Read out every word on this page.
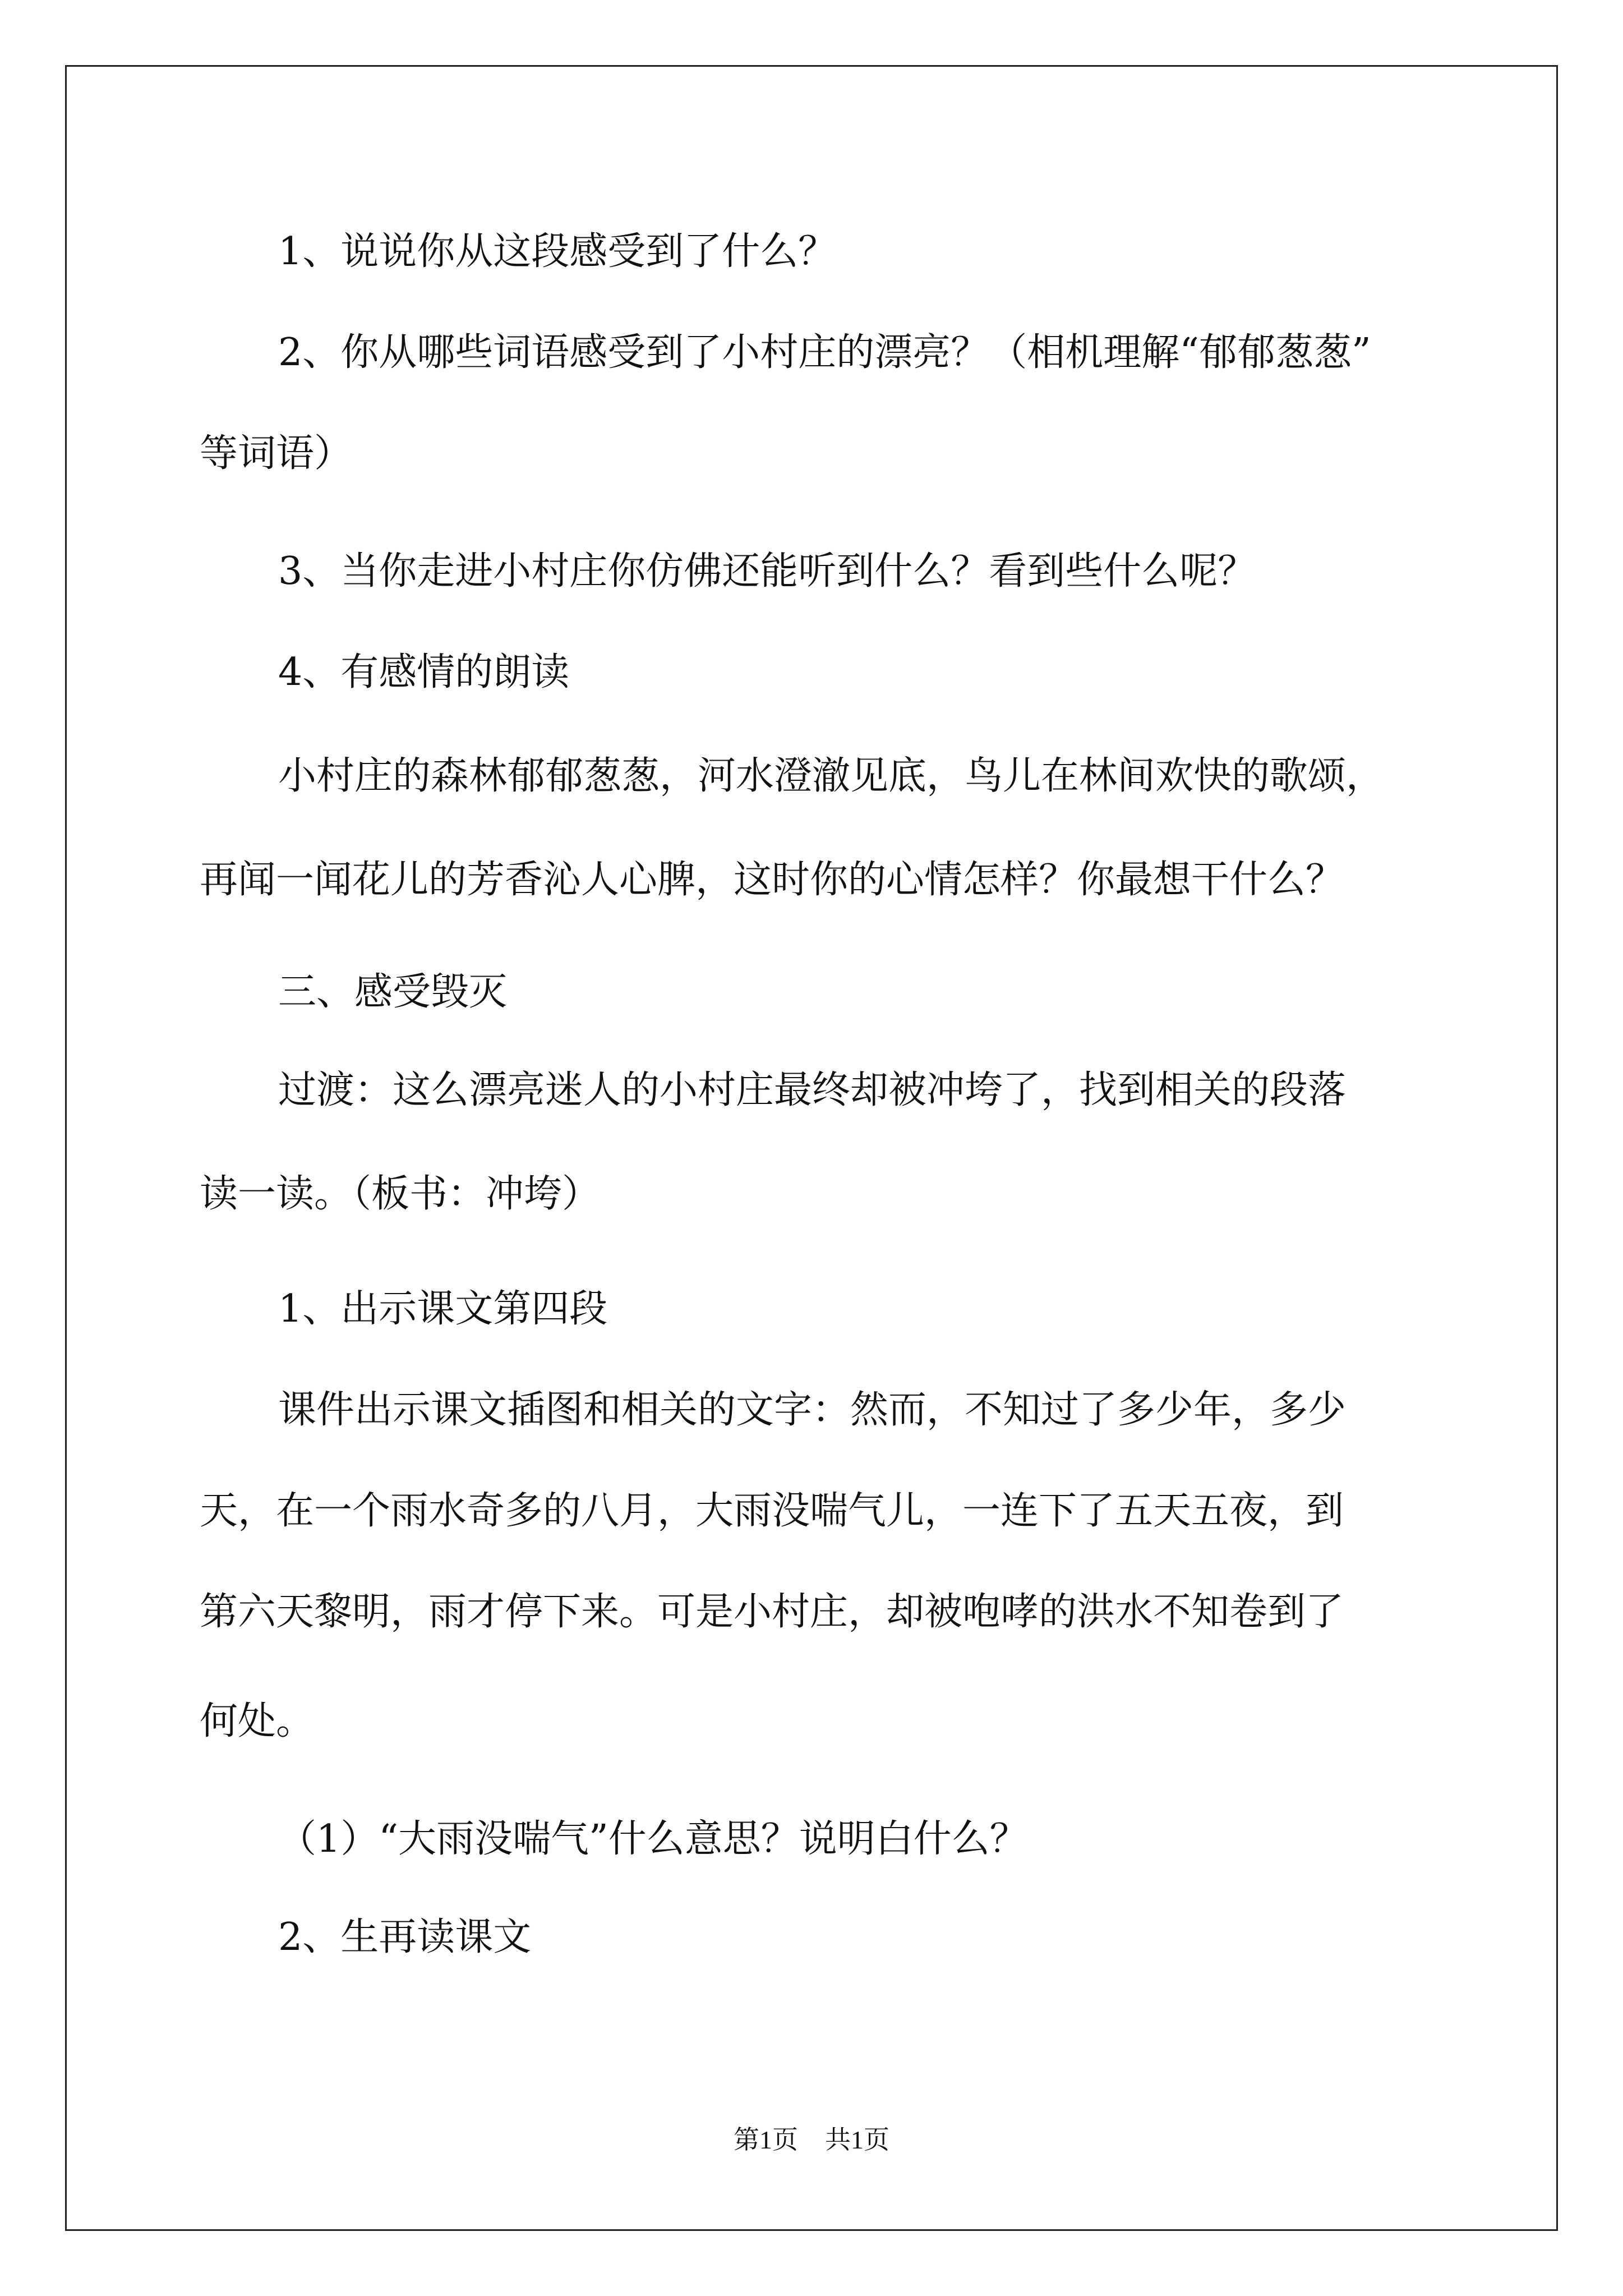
1、说说你从这段感受到了什么？
2、你从哪些词语感受到了小村庄的漂亮？（相机理解“郁郁葱葱”
等词语）
3、当你走进小村庄你仿佛还能听到什么？看到些什么呢？
4、有感情的朗读
小村庄的森林郁郁葱葱，河水澄澈见底，鸟儿在林间欢快的歌颂，
再闻一闻花儿的芳香沁人心脾，这时你的心情怎样？你最想干什么？
三、感受毁灭
过渡：这么漂亮迷人的小村庄最终却被冲垮了，找到相关的段落
读一读。（板书：冲垮）
1、出示课文第四段
课件出示课文插图和相关的文字：然而，不知过了多少年，多少
天，在一个雨水奇多的八月，大雨没喘气儿，一连下了五天五夜，到
第六天黎明，雨才停下来。可是小村庄，却被咆哮的洪水不知卷到了
何处。
（1）“大雨没喘气”什么意思？说明白什么？
2、生再读课文
第1页 共1页
